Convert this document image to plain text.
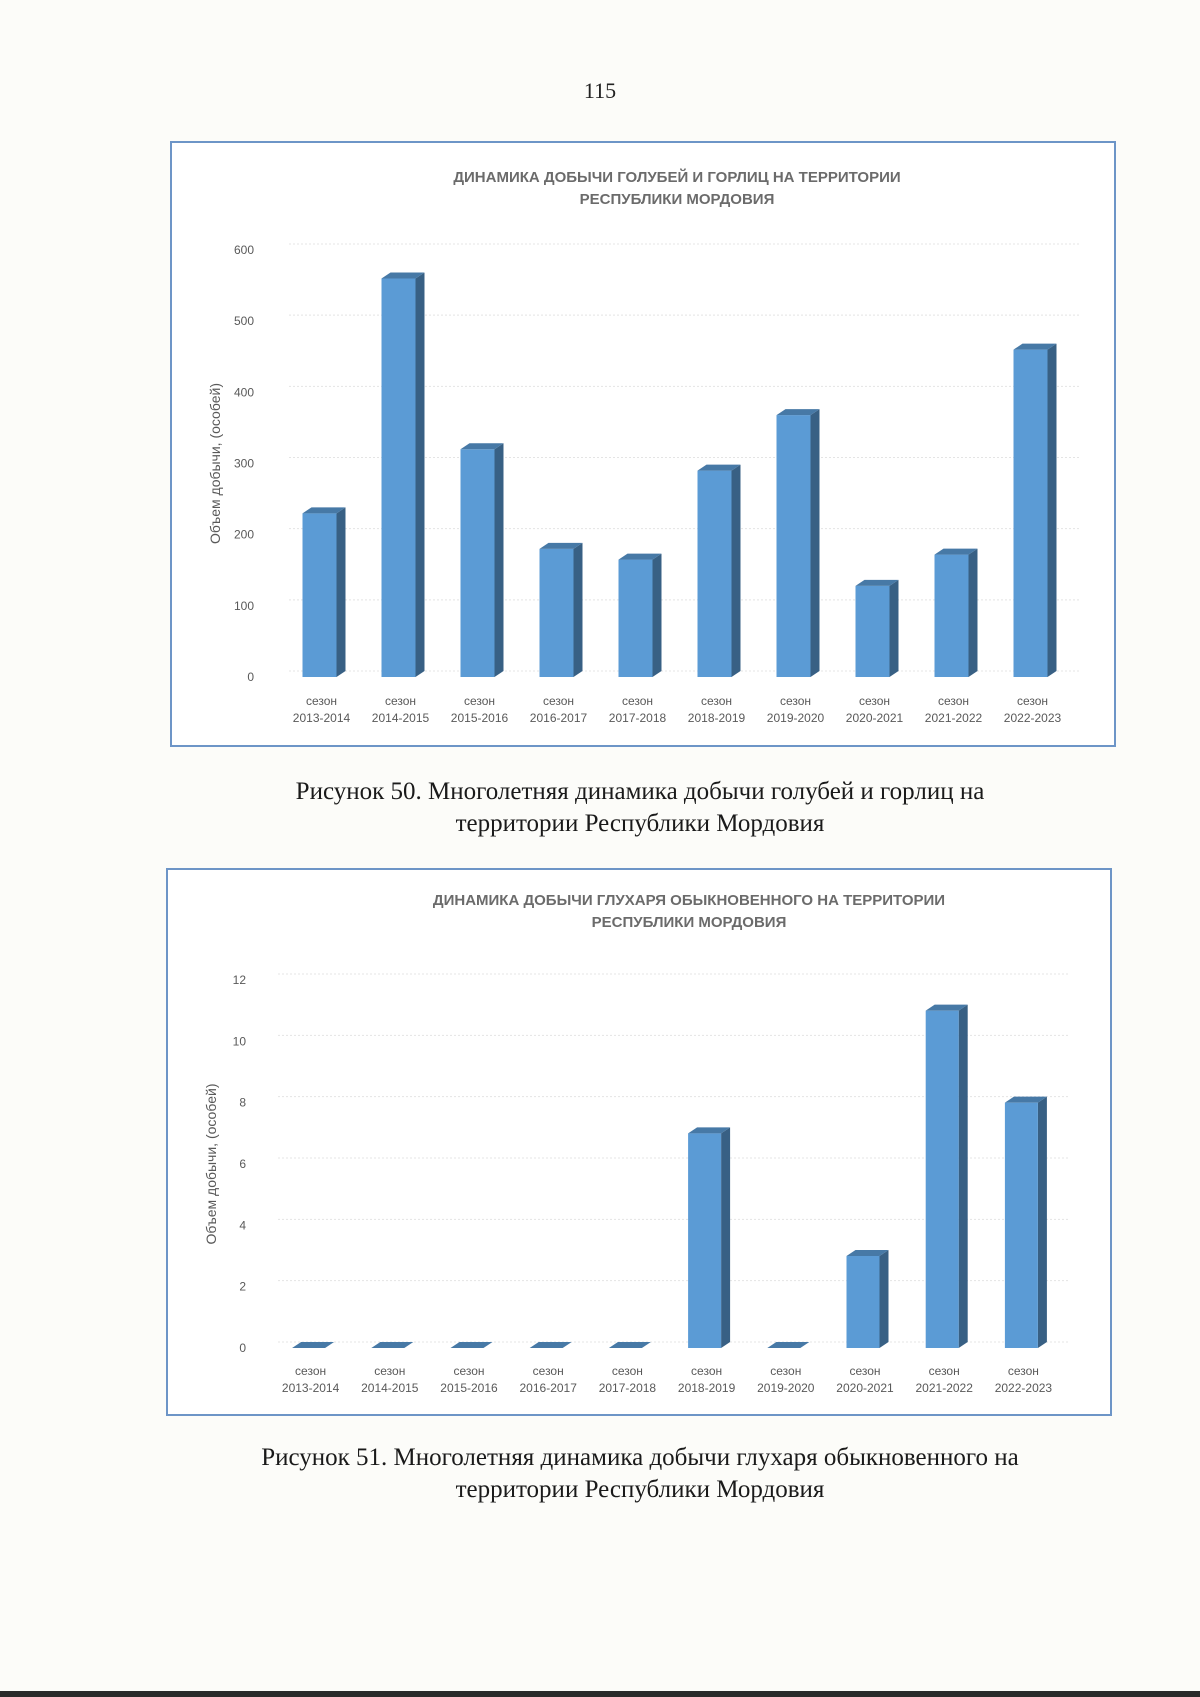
115
ДИНАМИКА ДОБЫЧИ ГОЛУБЕЙ И ГОРЛИЦ НА ТЕРРИТОРИИ
РЕСПУБЛИКИ МОРДОВИЯ
Объем добычи, (особей)
0
100
200
300
400
500
600
сезон
2013-2014
сезон
2014-2015
сезон
2015-2016
сезон
2016-2017
сезон
2017-2018
сезон
2018-2019
сезон
2019-2020
сезон
2020-2021
сезон
2021-2022
сезон
2022-2023
Рисунок 50. Многолетняя динамика добычи голубей и горлиц на
территории Республики Мордовия
ДИНАМИКА ДОБЫЧИ ГЛУХАРЯ ОБЫКНОВЕННОГО НА ТЕРРИТОРИИ
РЕСПУБЛИКИ МОРДОВИЯ
Объем добычи, (особей)
0
2
4
6
8
10
12
сезон
2013-2014
сезон
2014-2015
сезон
2015-2016
сезон
2016-2017
сезон
2017-2018
сезон
2018-2019
сезон
2019-2020
сезон
2020-2021
сезон
2021-2022
сезон
2022-2023
Рисунок 51. Многолетняя динамика добычи глухаря обыкновенного на
территории Республики Мордовия
